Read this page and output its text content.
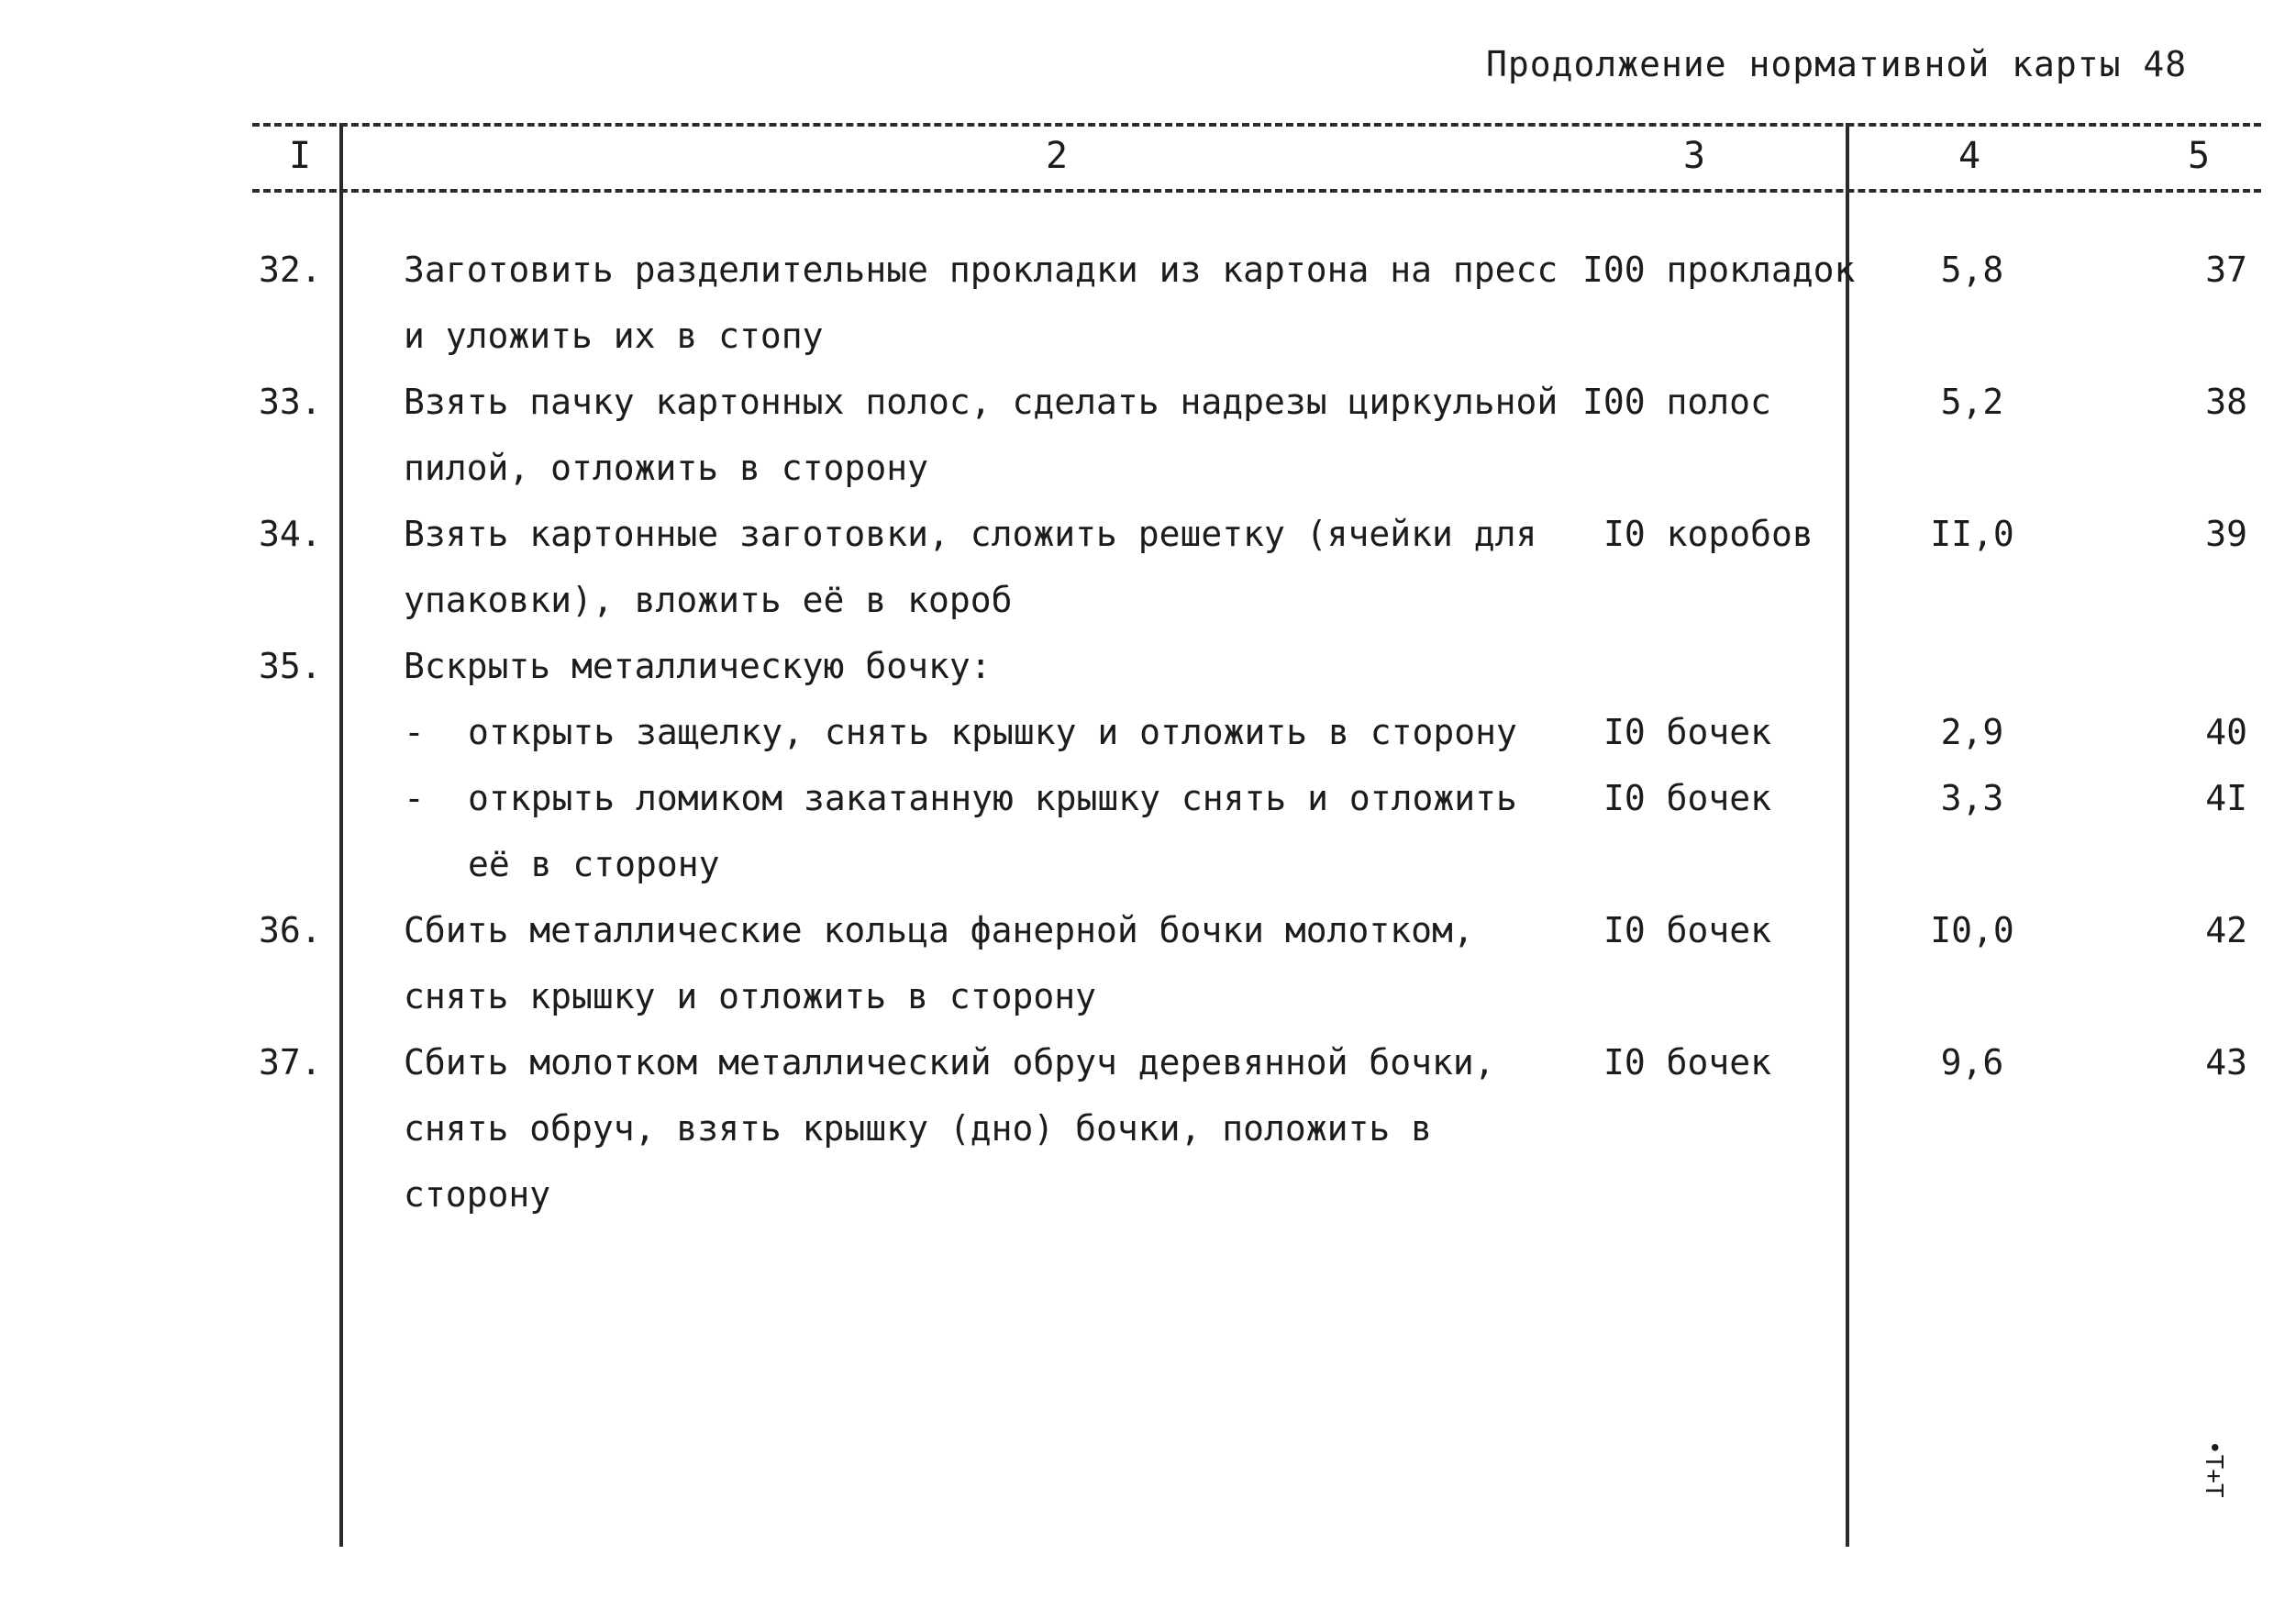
Продолжение нормативной карты 48
I	2	3	4	5
32. Заготовить разделительные прокладки из картона на пресс
и уложить их в стопу
I00 прокладок	5,8	37
33. Взять пачку картонных полос, сделать надрезы циркульной
пилой, отложить в сторону
I00 полос	5,2	38
34. Взять картонные заготовки, сложить решетку (ячейки для
упаковки), вложить её в короб
I0 коробов	II,0	39
35. Вскрыть металлическую бочку:
- открыть защелку, снять крышку и отложить в сторону I0 бочек	2,9	40
- открыть ломиком закатанную крышку снять и отложить
её в сторону
I0 бочек	3,3	4I
36. Сбить металлические кольца фанерной бочки молотком,
снять крышку и отложить в сторону
I0 бочек	I0,0	42
37. Сбить молотком металлический обруч деревянной бочки,
снять обруч, взять крышку (дно) бочки, положить в
сторону
I0 бочек	9,6	43
•T+T
